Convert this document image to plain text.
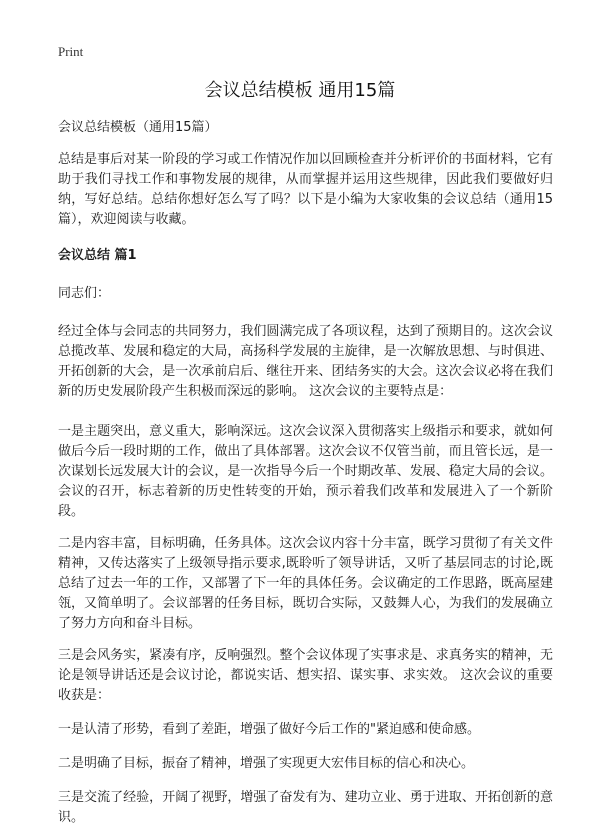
Print
会议总结模板 通用15篇

会议总结模板（通用15篇）

总结是事后对某一阶段的学习或工作情况作加以回顾检查并分析评价的书面材料，它有助于我们寻找工作和事物发展的规律，从而掌握并运用这些规律，因此我们要做好归纳，写好总结。总结你想好怎么写了吗？以下是小编为大家收集的会议总结（通用15篇），欢迎阅读与收藏。

会议总结 篇1

同志们：

经过全体与会同志的共同努力，我们圆满完成了各项议程，达到了预期目的。这次会议总揽改革、发展和稳定的大局，高扬科学发展的主旋律，是一次解放思想、与时俱进、开拓创新的大会，是一次承前启后、继往开来、团结务实的大会。这次会议必将在我们新的历史发展阶段产生积极而深远的影响。 这次会议的主要特点是：

一是主题突出，意义重大，影响深远。这次会议深入贯彻落实上级指示和要求，就如何做后今后一段时期的工作，做出了具体部署。这次会议不仅管当前，而且管长远，是一次谋划长远发展大计的会议，是一次指导今后一个时期改革、发展、稳定大局的会议。会议的召开，标志着新的历史性转变的开始，预示着我们改革和发展进入了一个新阶段。

二是内容丰富，目标明确，任务具体。这次会议内容十分丰富，既学习贯彻了有关文件精神，又传达落实了上级领导指示要求,既聆听了领导讲话，又听了基层同志的讨论,既总结了过去一年的工作，又部署了下一年的具体任务。会议确定的工作思路，既高屋建瓴，又简单明了。会议部署的任务目标，既切合实际，又鼓舞人心，为我们的发展确立了努力方向和奋斗目标。

三是会风务实，紧凑有序，反响强烈。整个会议体现了实事求是、求真务实的精神，无论是领导讲话还是会议讨论，都说实话、想实招、谋实事、求实效。 这次会议的重要收获是：

一是认清了形势，看到了差距，增强了做好今后工作的"紧迫感和使命感。

二是明确了目标，振奋了精神，增强了实现更大宏伟目标的信心和决心。

三是交流了经验，开阔了视野，增强了奋发有为、建功立业、勇于进取、开拓创新的意识。
